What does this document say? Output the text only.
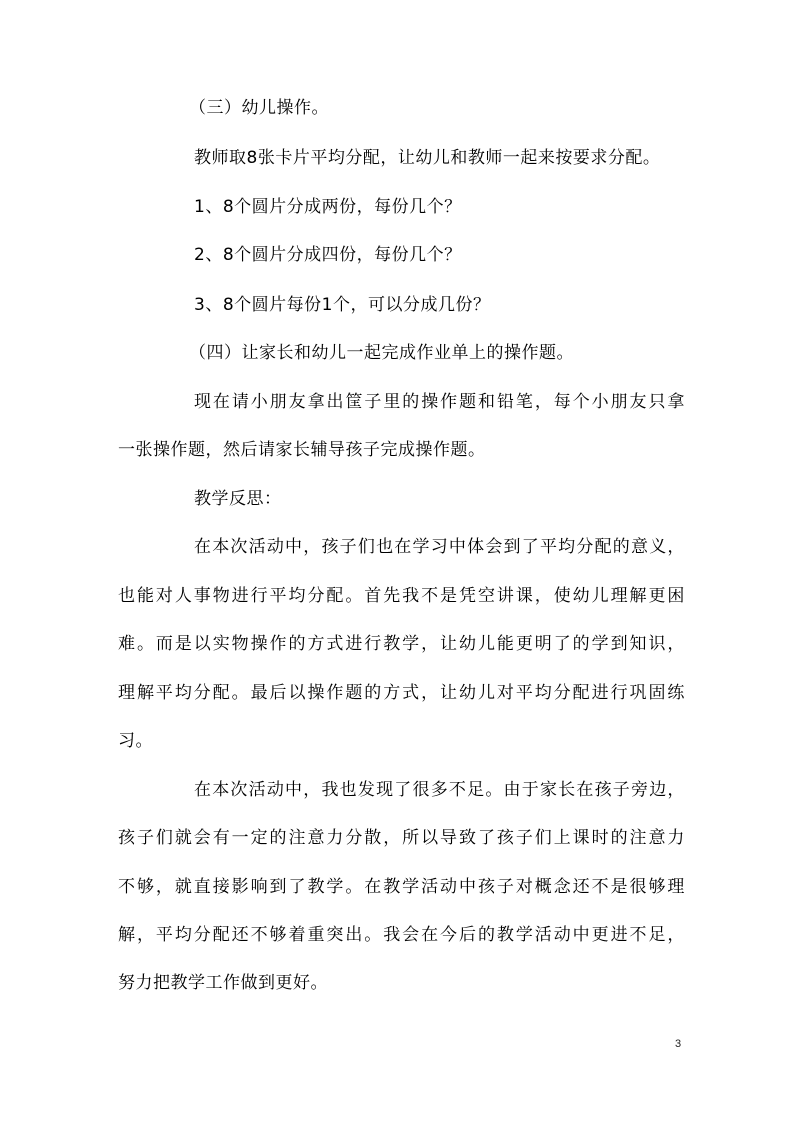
（三）幼儿操作。
教师取8张卡片平均分配，让幼儿和教师一起来按要求分配。
1、8个圆片分成两份，每份几个？
2、8个圆片分成四份，每份几个？
3、8个圆片每份1个，可以分成几份？
（四）让家长和幼儿一起完成作业单上的操作题。
现在请小朋友拿出筐子里的操作题和铅笔，每个小朋友只拿
一张操作题，然后请家长辅导孩子完成操作题。
教学反思：
在本次活动中，孩子们也在学习中体会到了平均分配的意义，
也能对人事物进行平均分配。首先我不是凭空讲课，使幼儿理解更困
难。而是以实物操作的方式进行教学，让幼儿能更明了的学到知识，
理解平均分配。最后以操作题的方式，让幼儿对平均分配进行巩固练
习。
在本次活动中，我也发现了很多不足。由于家长在孩子旁边，
孩子们就会有一定的注意力分散，所以导致了孩子们上课时的注意力
不够，就直接影响到了教学。在教学活动中孩子对概念还不是很够理
解，平均分配还不够着重突出。我会在今后的教学活动中更进不足，
努力把教学工作做到更好。
3
